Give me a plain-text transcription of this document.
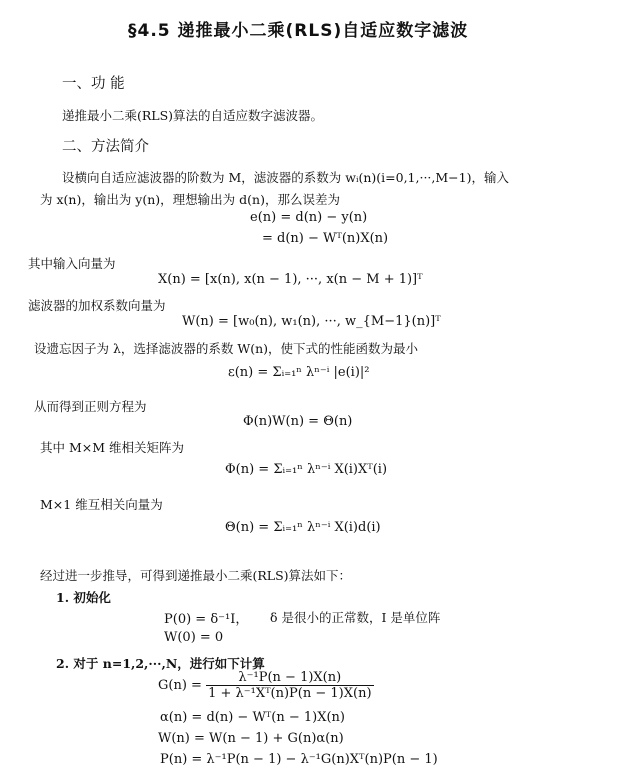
§4.5 递推最小二乘(RLS)自适应数字滤波
一、功 能
递推最小二乘(RLS)算法的自适应数字滤波器。
二、方法简介
设横向自适应滤波器的阶数为 M，滤波器的系数为 wᵢ(n)(i=0,1,···,M−1)，输入
为 x(n)，输出为 y(n)，理想输出为 d(n)，那么误差为
e(n) = d(n) − y(n)
= d(n) − Wᵀ(n)X(n)
其中输入向量为
X(n) = [x(n), x(n − 1), ···, x(n − M + 1)]ᵀ
滤波器的加权系数向量为
W(n) = [w₀(n), w₁(n), ···, w_{M−1}(n)]ᵀ
设遗忘因子为 λ，选择滤波器的系数 W(n)，使下式的性能函数为最小
ε(n) = Σᵢ₌₁ⁿ λⁿ⁻ⁱ |e(i)|²
从而得到正则方程为
Φ(n)W(n) = Θ(n)
其中 M×M 维相关矩阵为
Φ(n) = Σᵢ₌₁ⁿ λⁿ⁻ⁱ X(i)Xᵀ(i)
M×1 维互相关向量为
Θ(n) = Σᵢ₌₁ⁿ λⁿ⁻ⁱ X(i)d(i)
经过进一步推导，可得到递推最小二乘(RLS)算法如下：
1. 初始化
P(0) = δ⁻¹I， δ 是很小的正常数，I 是单位阵
W(0) = 0
2. 对于 n=1,2,···,N，进行如下计算
$G(n) = \frac{\text{λ⁻¹P(n − 1)X(n)}}{\text{1 + λ⁻¹Xᵀ(n)P(n − 1)X(n)}}$
α(n) = d(n) − Wᵀ(n − 1)X(n)
W(n) = W(n − 1) + G(n)α(n)
P(n) = λ⁻¹P(n − 1) − λ⁻¹G(n)Xᵀ(n)P(n − 1)
